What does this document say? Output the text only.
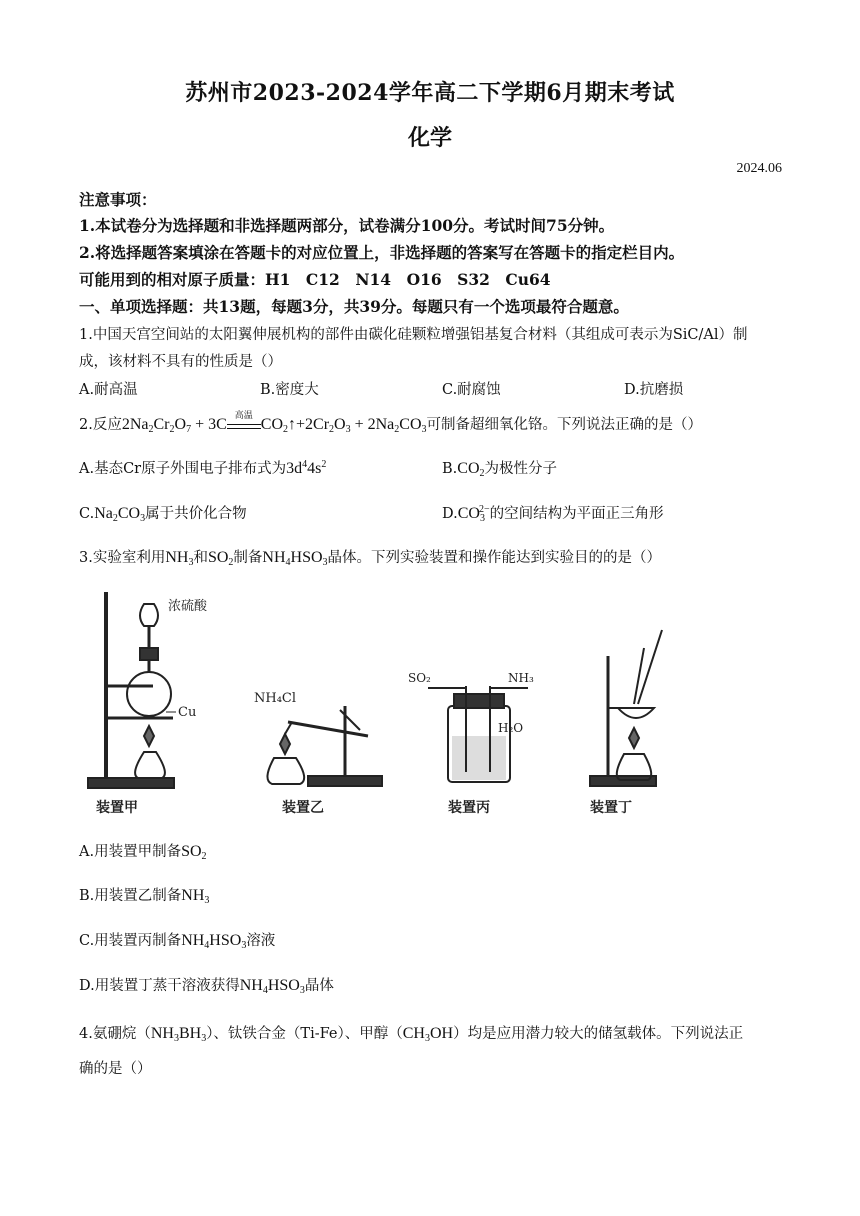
苏州市2023-2024学年高二下学期6月期末考试
化学
2024.06
注意事项：
1.本试卷分为选择题和非选择题两部分，试卷满分100分。考试时间75分钟。
2.将选择题答案填涂在答题卡的对应位置上，非选择题的答案写在答题卡的指定栏目内。
可能用到的相对原子质量：H1　C12　N14　O16　S32　Cu64
一、单项选择题：共13题，每题3分，共39分。每题只有一个选项最符合题意。
1.中国天宫空间站的太阳翼伸展机构的部件由碳化硅颗粒增强铝基复合材料（其组成可表示为SiC/Al）制
成，该材料不具有的性质是（）
A.耐高温	B.密度大	C.耐腐蚀	D.抗磨损
2.反应$2Na_2Cr_2O_7 + 3C$
高温
$CO_2↑+2Cr_2O_3 + 2Na_2CO_3$可制备超细氧化铬。下列说法正确的是（）
A.基态Cr原子外围电子排布式为$3d^44s^2$	$B.CO_2$为极性分子
$C.Na_2CO_3$属于共价化合物	$D.CO_3^{2-}$的空间结构为平面正三角形
3.实验室利用$NH_3$和$SO_2$制备$NH_4HSO_3$晶体。下列实验装置和操作能达到实验目的的是（）
浓硫酸
Cu
NH₄Cl
SO₂	NH₃
H₂O
装置甲	装置乙	装置丙	装置丁
A.用装置甲制备$SO_2$
B.用装置乙制备$NH_3$
C.用装置丙制备$NH_4HSO_3$溶液
D.用装置丁蒸干溶液获得$NH_4HSO_3$晶体
4.氨硼烷$(NH_3BH_3)$、钛铁合金（Ti-Fe）、甲醇$(CH_3OH)$均是应用潜力较大的储氢载体。下列说法正
确的是（）
